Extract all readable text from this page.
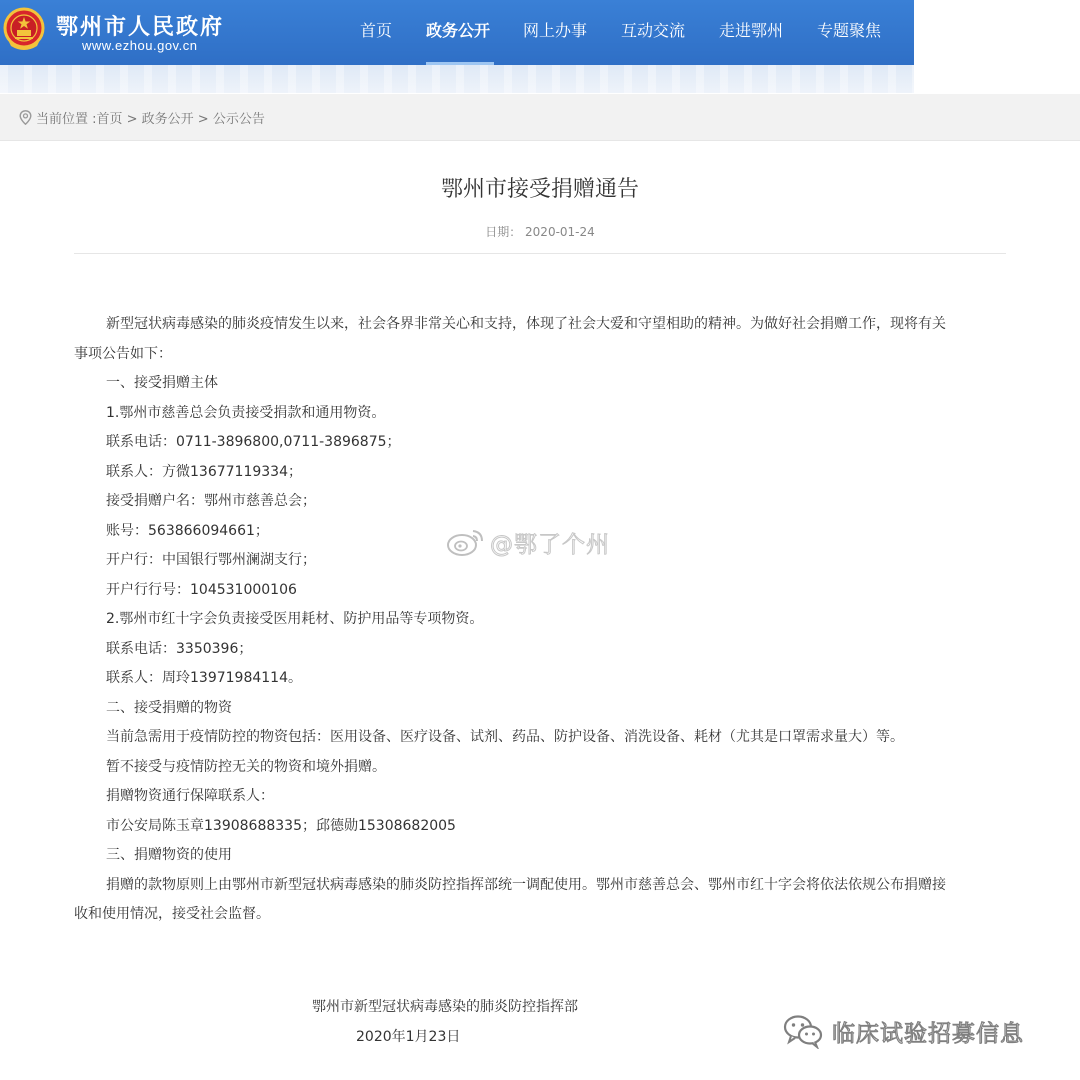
鄂州市人民政府
www.ezhou.gov.cn
首页 政务公开 网上办事 互动交流 走进鄂州 专题聚焦
当前位置 :首页 > 政务公开 > 公示公告
鄂州市接受捐赠通告
日期： 2020-01-24
新型冠状病毒感染的肺炎疫情发生以来，社会各界非常关心和支持，体现了社会大爱和守望相助的精神。为做好社会捐赠工作，现将有关
事项公告如下：
一、接受捐赠主体
1.鄂州市慈善总会负责接受捐款和通用物资。
联系电话：0711-3896800,0711-3896875；
联系人：方微13677119334；
接受捐赠户名：鄂州市慈善总会；
账号：563866094661；
开户行：中国银行鄂州澜湖支行；
开户行行号：104531000106
2.鄂州市红十字会负责接受医用耗材、防护用品等专项物资。
联系电话：3350396；
联系人：周玲13971984114。
二、接受捐赠的物资
当前急需用于疫情防控的物资包括：医用设备、医疗设备、试剂、药品、防护设备、消洗设备、耗材（尤其是口罩需求量大）等。
暂不接受与疫情防控无关的物资和境外捐赠。
捐赠物资通行保障联系人：
市公安局陈玉章13908688335；邱德勋15308682005
三、捐赠物资的使用
捐赠的款物原则上由鄂州市新型冠状病毒感染的肺炎防控指挥部统一调配使用。鄂州市慈善总会、鄂州市红十字会将依法依规公布捐赠接
收和使用情况，接受社会监督。
鄂州市新型冠状病毒感染的肺炎防控指挥部
2020年1月23日
@鄂了个州
临床试验招募信息
